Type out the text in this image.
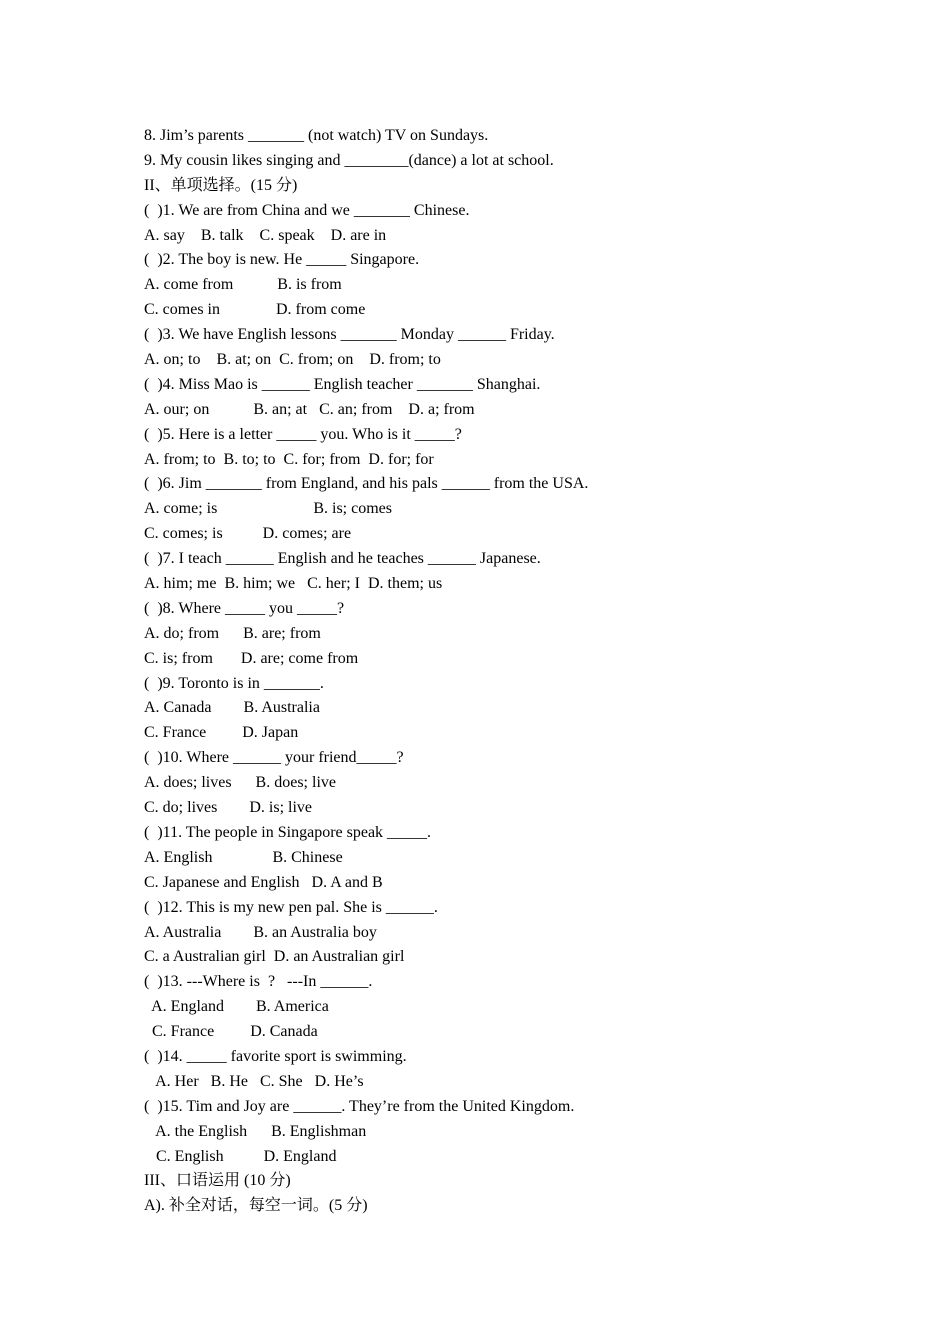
8. Jim’s parents _______ (not watch) TV on Sundays.
9. My cousin likes singing and ________(dance) a lot at school.
II、单项选择。(15 分)
(  )1. We are from China and we _______ Chinese.
A. say    B. talk    C. speak    D. are in
(  )2. The boy is new. He _____ Singapore.
A. come from           B. is from
C. comes in              D. from come
(  )3. We have English lessons _______ Monday ______ Friday.
A. on; to    B. at; on  C. from; on    D. from; to
(  )4. Miss Mao is ______ English teacher _______ Shanghai.
A. our; on           B. an; at   C. an; from    D. a; from
(  )5. Here is a letter _____ you. Who is it _____?
A. from; to  B. to; to  C. for; from  D. for; for
(  )6. Jim _______ from England, and his pals ______ from the USA.
A. come; is                        B. is; comes
C. comes; is          D. comes; are
(  )7. I teach ______ English and he teaches ______ Japanese.
A. him; me  B. him; we   C. her; I  D. them; us
(  )8. Where _____ you _____?
A. do; from      B. are; from
C. is; from       D. are; come from
(  )9. Toronto is in _______.
A. Canada        B. Australia
C. France         D. Japan
(  )10. Where ______ your friend_____?
A. does; lives      B. does; live
C. do; lives        D. is; live
(  )11. The people in Singapore speak _____.
A. English               B. Chinese
C. Japanese and English   D. A and B
(  )12. This is my new pen pal. She is ______.
A. Australia        B. an Australia boy
C. a Australian girl  D. an Australian girl
(  )13. ---Where is  ?   ---In ______.
A. England        B. America
C. France         D. Canada
(  )14. _____ favorite sport is swimming.
A. Her   B. He   C. She   D. He’s
(  )15. Tim and Joy are ______. They’re from the United Kingdom.
A. the English      B. Englishman
C. English          D. England
III、口语运用 (10 分)
A). 补全对话，每空一词。(5 分)
